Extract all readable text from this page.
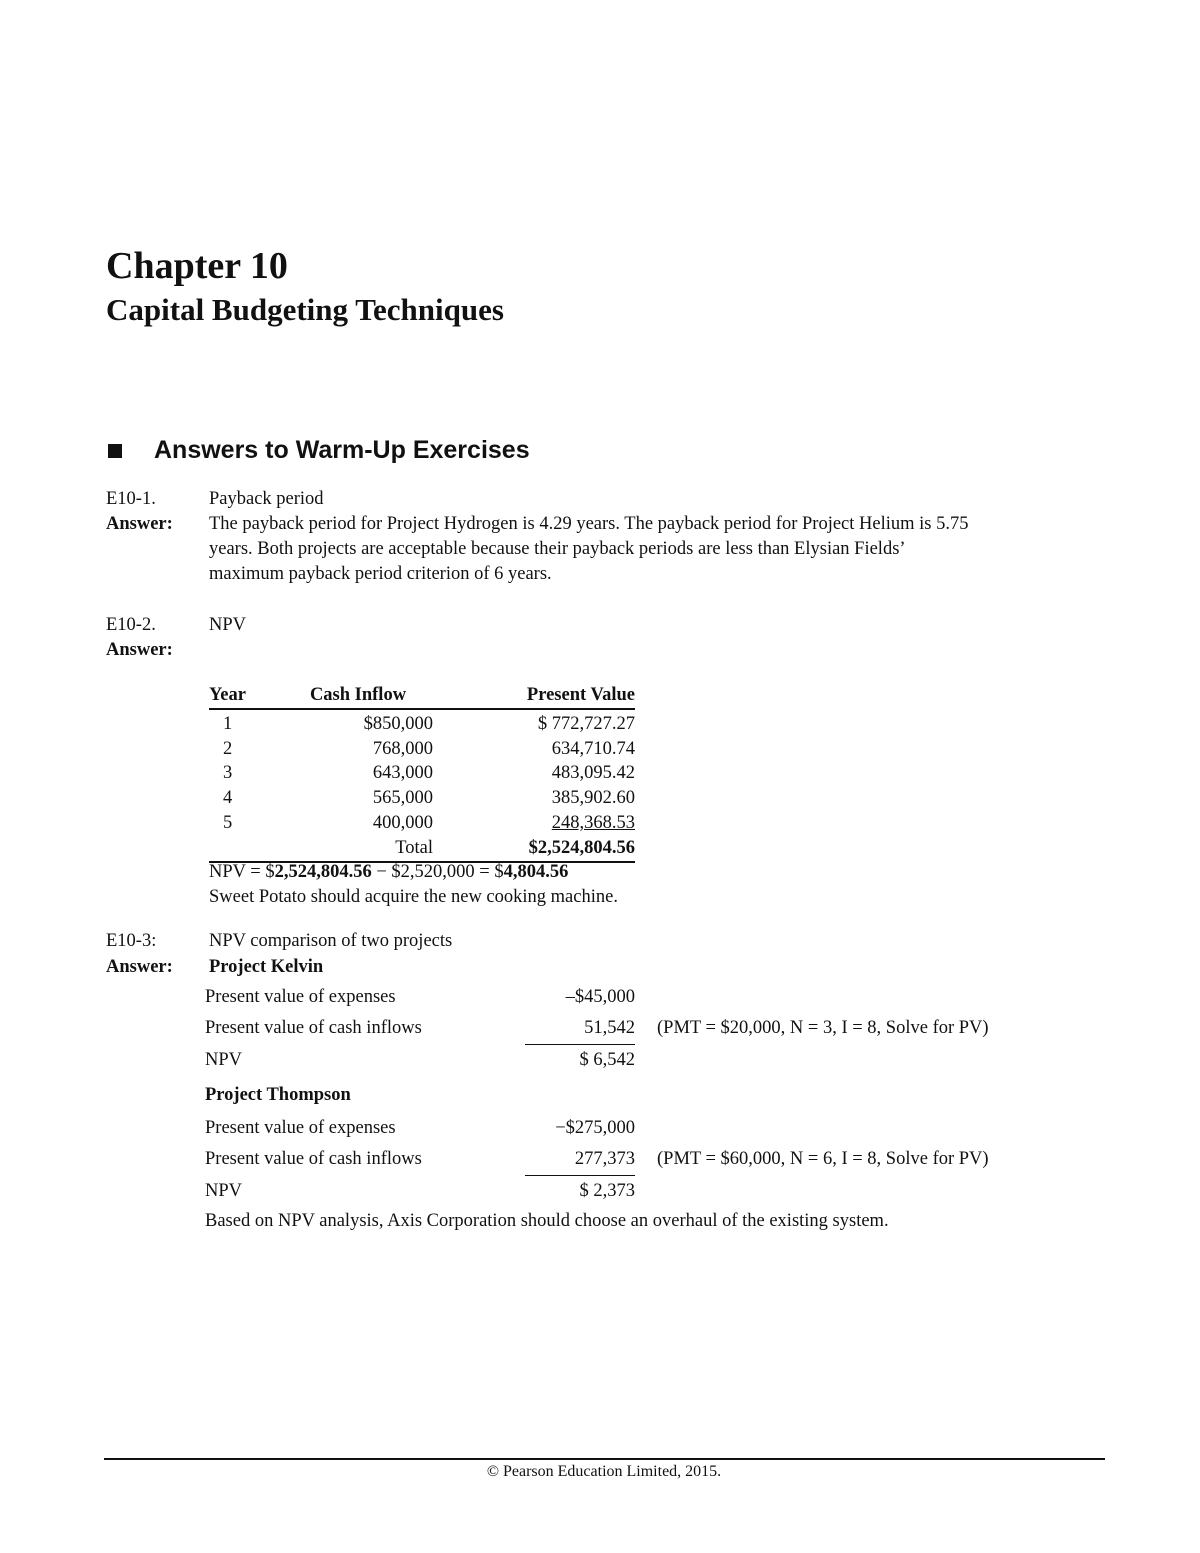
Chapter 10
Capital Budgeting Techniques
Answers to Warm-Up Exercises
E10-1.	Payback period
Answer: The payback period for Project Hydrogen is 4.29 years. The payback period for Project Helium is 5.75
years. Both projects are acceptable because their payback periods are less than Elysian Fields’
maximum payback period criterion of 6 years.
E10-2.	NPV
Answer:
Year	Cash Inflow	Present Value
1	$850,000	$ 772,727.27
2	768,000	634,710.74
3	643,000	483,095.42
4	565,000	385,902.60
5	400,000	248,368.53
	Total	$2,524,804.56
NPV = $2,524,804.56 − $2,520,000 = $4,804.56
Sweet Potato should acquire the new cooking machine.
E10-3:	NPV comparison of two projects
Answer: Project Kelvin
Present value of expenses	–$45,000	
Present value of cash inflows	51,542	(PMT = $20,000, N = 3, I = 8, Solve for PV)
NPV	$ 6,542	
Project Thompson
Present value of expenses	−$275,000	
Present value of cash inflows	277,373	(PMT = $60,000, N = 6, I = 8, Solve for PV)
NPV	$ 2,373	
Based on NPV analysis, Axis Corporation should choose an overhaul of the existing system.
© Pearson Education Limited, 2015.
